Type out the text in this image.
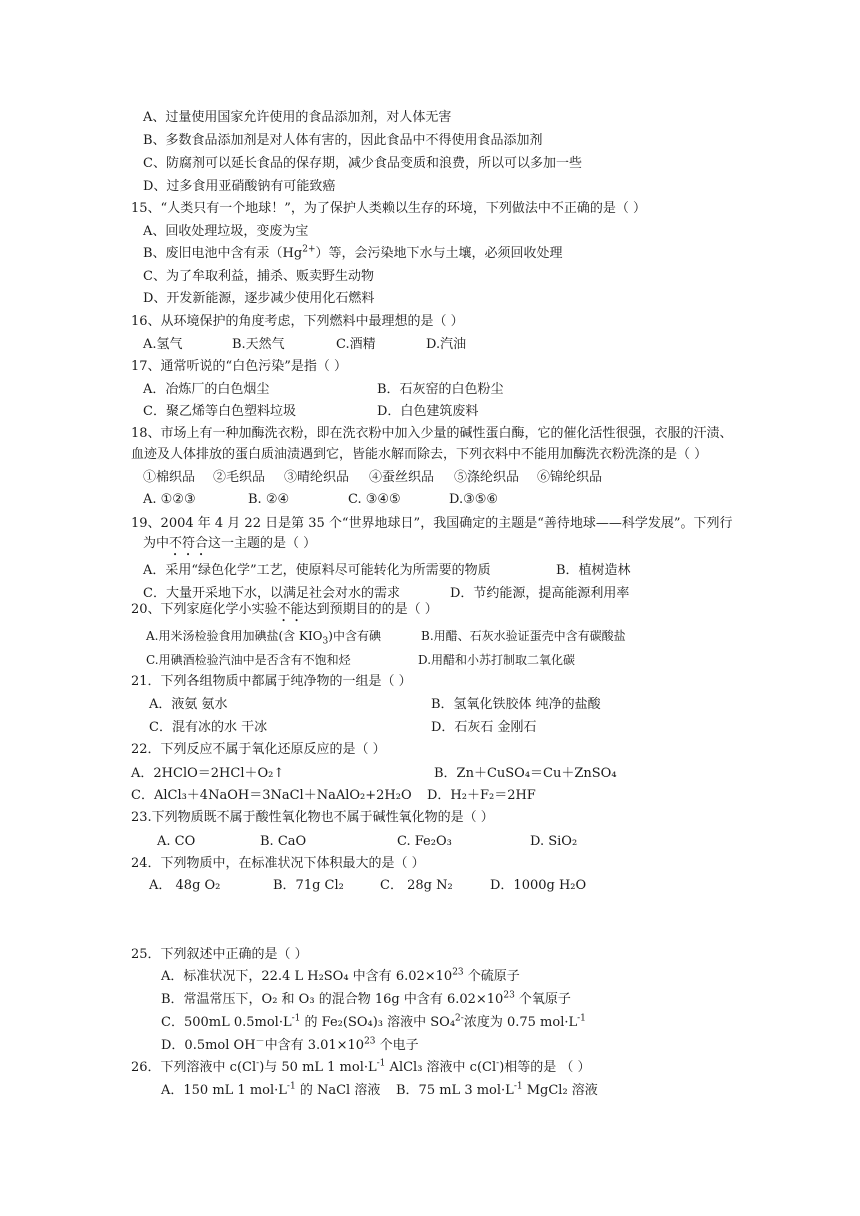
A、过量使用国家允许使用的食品添加剂，对人体无害
B、多数食品添加剂是对人体有害的，因此食品中不得使用食品添加剂
C、防腐剂可以延长食品的保存期，减少食品变质和浪费，所以可以多加一些
D、过多食用亚硝酸钠有可能致癌
15、“人类只有一个地球！”，为了保护人类赖以生存的环境，下列做法中不正确的是（ ）
A、回收处理垃圾，变废为宝
B、废旧电池中含有汞$(Hg^{2+})$等，会污染地下水与土壤，必须回收处理
C、为了牟取利益，捕杀、贩卖野生动物
D、开发新能源，逐步减少使用化石燃料
16、从环境保护的角度考虑，下列燃料中最理想的是（ ）
A.氢气	B.天然气	C.酒精	D.汽油
17、通常听说的“白色污染”是指（ ）
A．冶炼厂的白色烟尘	B．石灰窑的白色粉尘
C．聚乙烯等白色塑料垃圾	D．白色建筑废料
18、市场上有一种加酶洗衣粉，即在洗衣粉中加入少量的碱性蛋白酶，它的催化活性很强，衣服的汗渍、
血迹及人体排放的蛋白质油渍遇到它，皆能水解而除去，下列衣料中不能用加酶洗衣粉洗涤的是（ ）
①棉织品 ②毛织品 ③晴纶织品 ④蚕丝织品 ⑤涤纶织品 ⑥锦纶织品
A. ①②③	B. ②④	C. ③④⑤	D.③⑤⑥
19、2004 年 4 月 22 日是第 35 个“世界地球日”，我国确定的主题是“善待地球——科学发展”。下列行
为中不符合这一主题的是（ ）
A．采用“绿色化学”工艺，使原料尽可能转化为所需要的物质	B．植树造林
C．大量开采地下水，以满足社会对水的需求	D．节约能源，提高能源利用率
20、下列家庭化学小实验不能达到预期目的的是（ ）
A.用米汤检验食用加碘盐(含 $KIO_3$)中含有碘	B.用醋、石灰水验证蛋壳中含有碳酸盐
C.用碘酒检验汽油中是否含有不饱和烃	D.用醋和小苏打制取二氧化碳
21．下列各组物质中都属于纯净物的一组是（ ）
A．液氨 氨水	B．氢氧化铁胶体 纯净的盐酸
C．混有冰的水 干冰	D．石灰石 金刚石
22．下列反应不属于氧化还原反应的是（ ）
A．2HClO＝2HCl＋O₂↑	B．Zn＋CuSO₄＝Cu＋ZnSO₄
C．AlCl₃＋4NaOH＝3NaCl＋NaAlO₂+2H₂O D．H₂＋F₂＝2HF
23.下列物质既不属于酸性氧化物也不属于碱性氧化物的是（ ）
A. CO	B. CaO	C. Fe₂O₃	D. SiO₂
24．下列物质中，在标准状况下体积最大的是（ ）
A． 48g O₂	B．71g Cl₂	C． 28g N₂	D．1000g H₂O
25．下列叙述中正确的是（ ）
A．标准状况下，22.4 L H₂SO₄ 中含有 $6.02\times 10^{23}$ 个硫原子
B．常温常压下，O₂ 和 O₃ 的混合物 16g 中含有 $6.02\times 10^{23}$ 个氧原子
C．500mL $0.5mol\cdot L^{-1}$ 的 Fe₂(SO₄)₃ 溶液中 SO₄$^{2-}$浓度为 0.75 $mol\cdot L^{-1}$
D．0.5mol OH－中含有 $3.01\times 10^{23}$ 个电子
26．下列溶液中 c(Cl-)与 50 mL 1 $mol\cdot L^{-1}$ AlCl₃ 溶液中 c(Cl-)相等的是 （ ）
A．150 mL 1 $mol\cdot L^{-1}$ 的 NaCl 溶液 B．75 mL 3 $mol\cdot L^{-1}$ MgCl₂ 溶液
